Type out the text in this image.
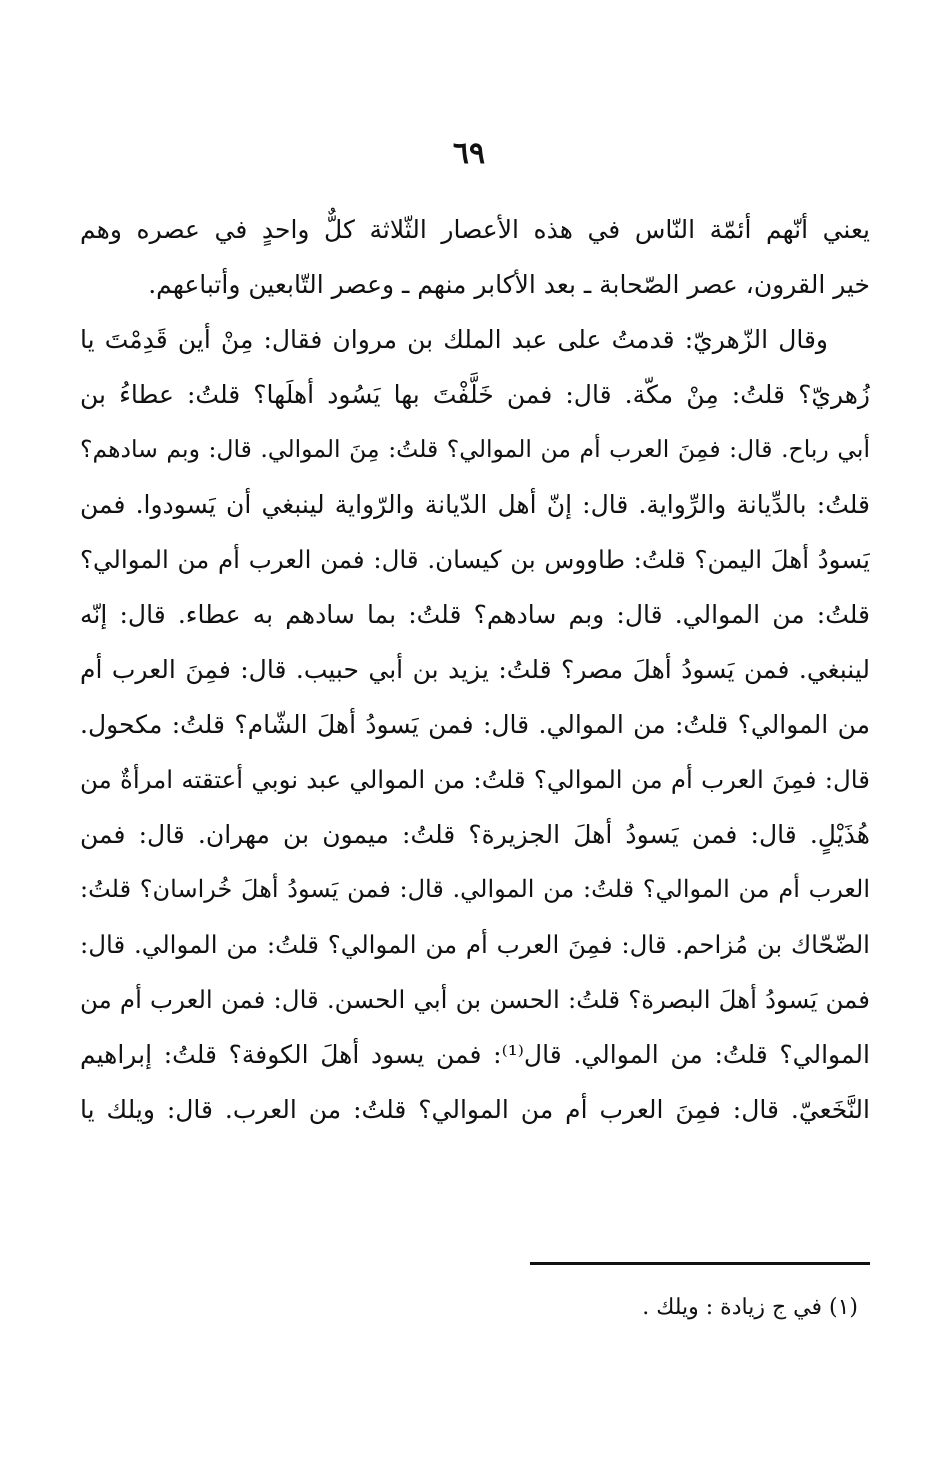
٦٩
يعني أنّهم أئمّة النّاس في هذه الأعصار الثّلاثة كلٌّ واحدٍ في عصره وهم
خير القرون، عصر الصّحابة ـ بعد الأكابر منهم ـ وعصر التّابعين وأتباعهم.
وقال الزّهريّ: قدمتُ على عبد الملك بن مروان فقال: مِنْ أين قَدِمْتَ يا
زُهريّ؟ قلتُ: مِنْ مكّة. قال: فمن خَلَّفْتَ بها يَسُود أهلَها؟ قلتُ: عطاءُ بن
أبي رباح. قال: فمِنَ العرب أم من الموالي؟ قلتُ: مِنَ الموالي. قال: وبم سادهم؟
قلتُ: بالدِّيانة والرِّواية. قال: إنّ أهل الدّيانة والرّواية لينبغي أن يَسودوا. فمن
يَسودُ أهلَ اليمن؟ قلتُ: طاووس بن كيسان. قال: فمن العرب أم من الموالي؟
قلتُ: من الموالي. قال: وبم سادهم؟ قلتُ: بما سادهم به عطاء. قال: إنّه
لينبغي. فمن يَسودُ أهلَ مصر؟ قلتُ: يزيد بن أبي حبيب. قال: فمِنَ العرب أم
من الموالي؟ قلتُ: من الموالي. قال: فمن يَسودُ أهلَ الشّام؟ قلتُ: مكحول.
قال: فمِنَ العرب أم من الموالي؟ قلتُ: من الموالي عبد نوبي أعتقته امرأةٌ من
هُذَيْلٍ. قال: فمن يَسودُ أهلَ الجزيرة؟ قلتُ: ميمون بن مهران. قال: فمن
العرب أم من الموالي؟ قلتُ: من الموالي. قال: فمن يَسودُ أهلَ خُراسان؟ قلتُ:
الضّحّاك بن مُزاحم. قال: فمِنَ العرب أم من الموالي؟ قلتُ: من الموالي. قال:
فمن يَسودُ أهلَ البصرة؟ قلتُ: الحسن بن أبي الحسن. قال: فمن العرب أم من
الموالي؟ قلتُ: من الموالي. قال⁽¹⁾: فمن يسود أهلَ الكوفة؟ قلتُ: إبراهيم
النَّخَعيّ. قال: فمِنَ العرب أم من الموالي؟ قلتُ: من العرب. قال: ويلك يا
(١) في ج زيادة : ويلك .
